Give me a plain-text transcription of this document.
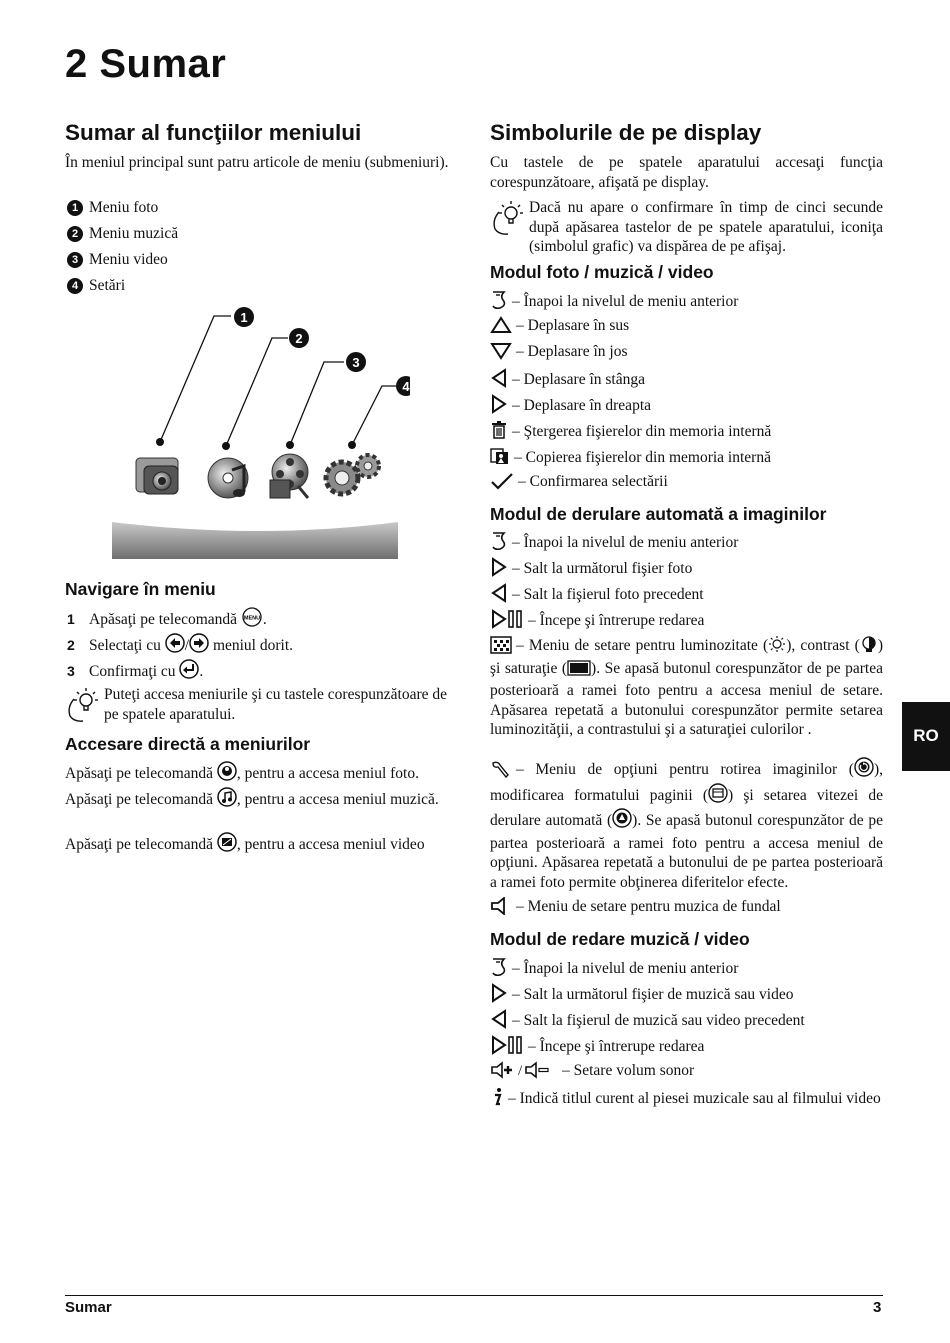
2 Sumar
Sumar al funcţiilor meniului

În meniul principal sunt patru articole de meniu (submeniuri).

1 Meniu foto
2 Meniu muzică
3 Meniu video
4 Setări
1
2
3
4
Navigare în meniu
1 Apăsaţi pe telecomandă MENU .
2 Selectaţi cu / meniul dorit.
3 Confirmaţi cu .

Puteţi accesa meniurile şi cu tastele corespunzătoare de pe spatele aparatului.

Accesare directă a meniurilor

Apăsaţi pe telecomandă , pentru a accesa meniul foto.

Apăsaţi pe telecomandă , pentru a accesa meniul muzică.

Apăsaţi pe telecomandă , pentru a accesa meniul video

Simbolurile de pe display

Cu tastele de pe spatele aparatului accesaţi funcţia corespunzătoare, afişată pe display.

Dacă nu apare o confirmare în timp de cinci secunde după apăsarea tastelor de pe spatele aparatului, iconiţa (simbolul grafic) va dispărea de pe afişaj.

Modul foto / muzică / video
– Înapoi la nivelul de meniu anterior
– Deplasare în sus
– Deplasare în jos
– Deplasare în stânga
– Deplasare în dreapta
– Ştergerea fişierelor din memoria internă
– Copierea fişierelor din memoria internă
– Confirmarea selectării
Modul de derulare automată a imaginilor
– Înapoi la nivelul de meniu anterior
– Salt la următorul fişier foto
– Salt la fişierul foto precedent
– Începe şi întrerupe redarea

– Meniu de setare pentru luminozitate ( ), contrast ( ) şi saturaţie ( ). Se apasă butonul corespunzător de pe partea posterioară a ramei foto pentru a accesa meniul de setare. Apăsarea repetată a butonului corespunzător permite setarea luminozităţii, a contrastului şi a saturaţiei culorilor .

– Meniu de opţiuni pentru rotirea imaginilor ( ), modificarea formatului paginii ( ) şi setarea vitezei de derulare automată ( ). Se apasă butonul corespunzător de pe partea posterioară a ramei foto pentru a accesa meniul de opţiuni. Apăsarea repetată a butonului de pe partea posterioară a ramei foto permite obţinerea diferitelor efecte.

– Meniu de setare pentru muzica de fundal
Modul de redare muzică / video
– Înapoi la nivelul de meniu anterior
– Salt la următorul fişier de muzică sau video
– Salt la fişierul de muzică sau video precedent
– Începe şi întrerupe redarea
/	– Setare volum sonor

– Indică titlul curent al piesei muzicale sau al filmului video

RO
Sumar	3
